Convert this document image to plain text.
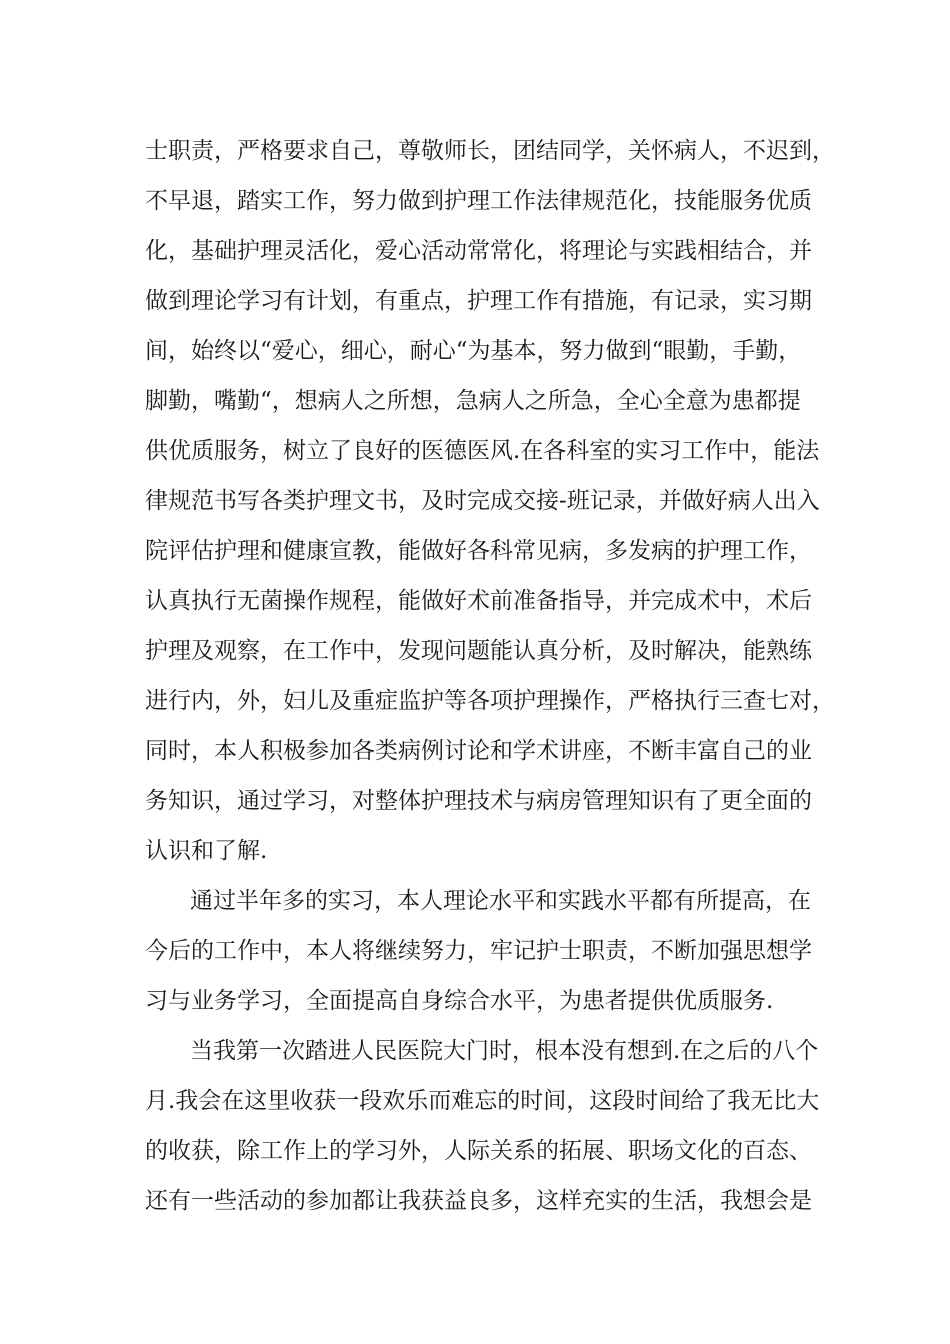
士职责，严格要求自己，尊敬师长，团结同学，关怀病人，不迟到，
不早退，踏实工作，努力做到护理工作法律规范化，技能服务优质
化，基础护理灵活化，爱心活动常常化，将理论与实践相结合，并
做到理论学习有计划，有重点，护理工作有措施，有记录，实习期
间，始终以“爱心，细心，耐心“为基本，努力做到“眼勤，手勤，
脚勤，嘴勤“，想病人之所想，急病人之所急，全心全意为患都提
供优质服务，树立了良好的医德医风.在各科室的实习工作中，能法
律规范书写各类护理文书，及时完成交接-班记录，并做好病人出入
院评估护理和健康宣教，能做好各科常见病，多发病的护理工作，
认真执行无菌操作规程，能做好术前准备指导，并完成术中，术后
护理及观察，在工作中，发现问题能认真分析，及时解决，能熟练
进行内，外，妇儿及重症监护等各项护理操作，严格执行三查七对，
同时，本人积极参加各类病例讨论和学术讲座，不断丰富自己的业
务知识，通过学习，对整体护理技术与病房管理知识有了更全面的
认识和了解.
通过半年多的实习，本人理论水平和实践水平都有所提高，在
今后的工作中，本人将继续努力，牢记护士职责，不断加强思想学
习与业务学习，全面提高自身综合水平，为患者提供优质服务.
当我第一次踏进人民医院大门时，根本没有想到.在之后的八个
月.我会在这里收获一段欢乐而难忘的时间，这段时间给了我无比大
的收获，除工作上的学习外，人际关系的拓展、职场文化的百态、
还有一些活动的参加都让我获益良多，这样充实的生活，我想会是
